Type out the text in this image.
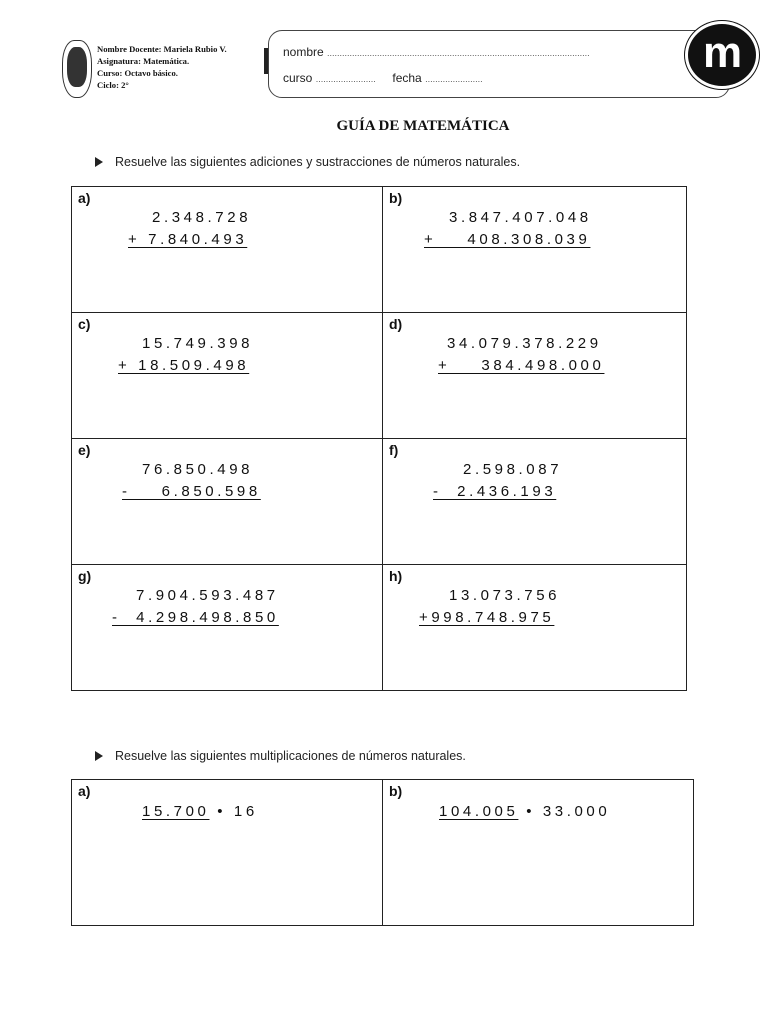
Nombre Docente: Mariela Rubio V.
Asignatura: Matemática.
Curso: Octavo básico.
Ciclo: 2°
nombre .........................................................................................................
curso ........................ fecha .......................
m
GUÍA DE MATEMÁTICA
Resuelve las siguientes adiciones y sustracciones de números naturales.
a)
2.348.728
+ 7.840.493	b)
3.847.407.048
+    408.308.039

c)
15.749.398
+ 18.509.498	d)
34.079.378.229
+    384.498.000

e)
76.850.498
-    6.850.598	f)
2.598.087
-  2.436.193

g)
7.904.593.487
-  4.298.498.850	h)
13.073.756
+998.748.975
Resuelve las siguientes multiplicaciones de números naturales.
a)
15.700 • 16

b)
104.005 • 33.000
